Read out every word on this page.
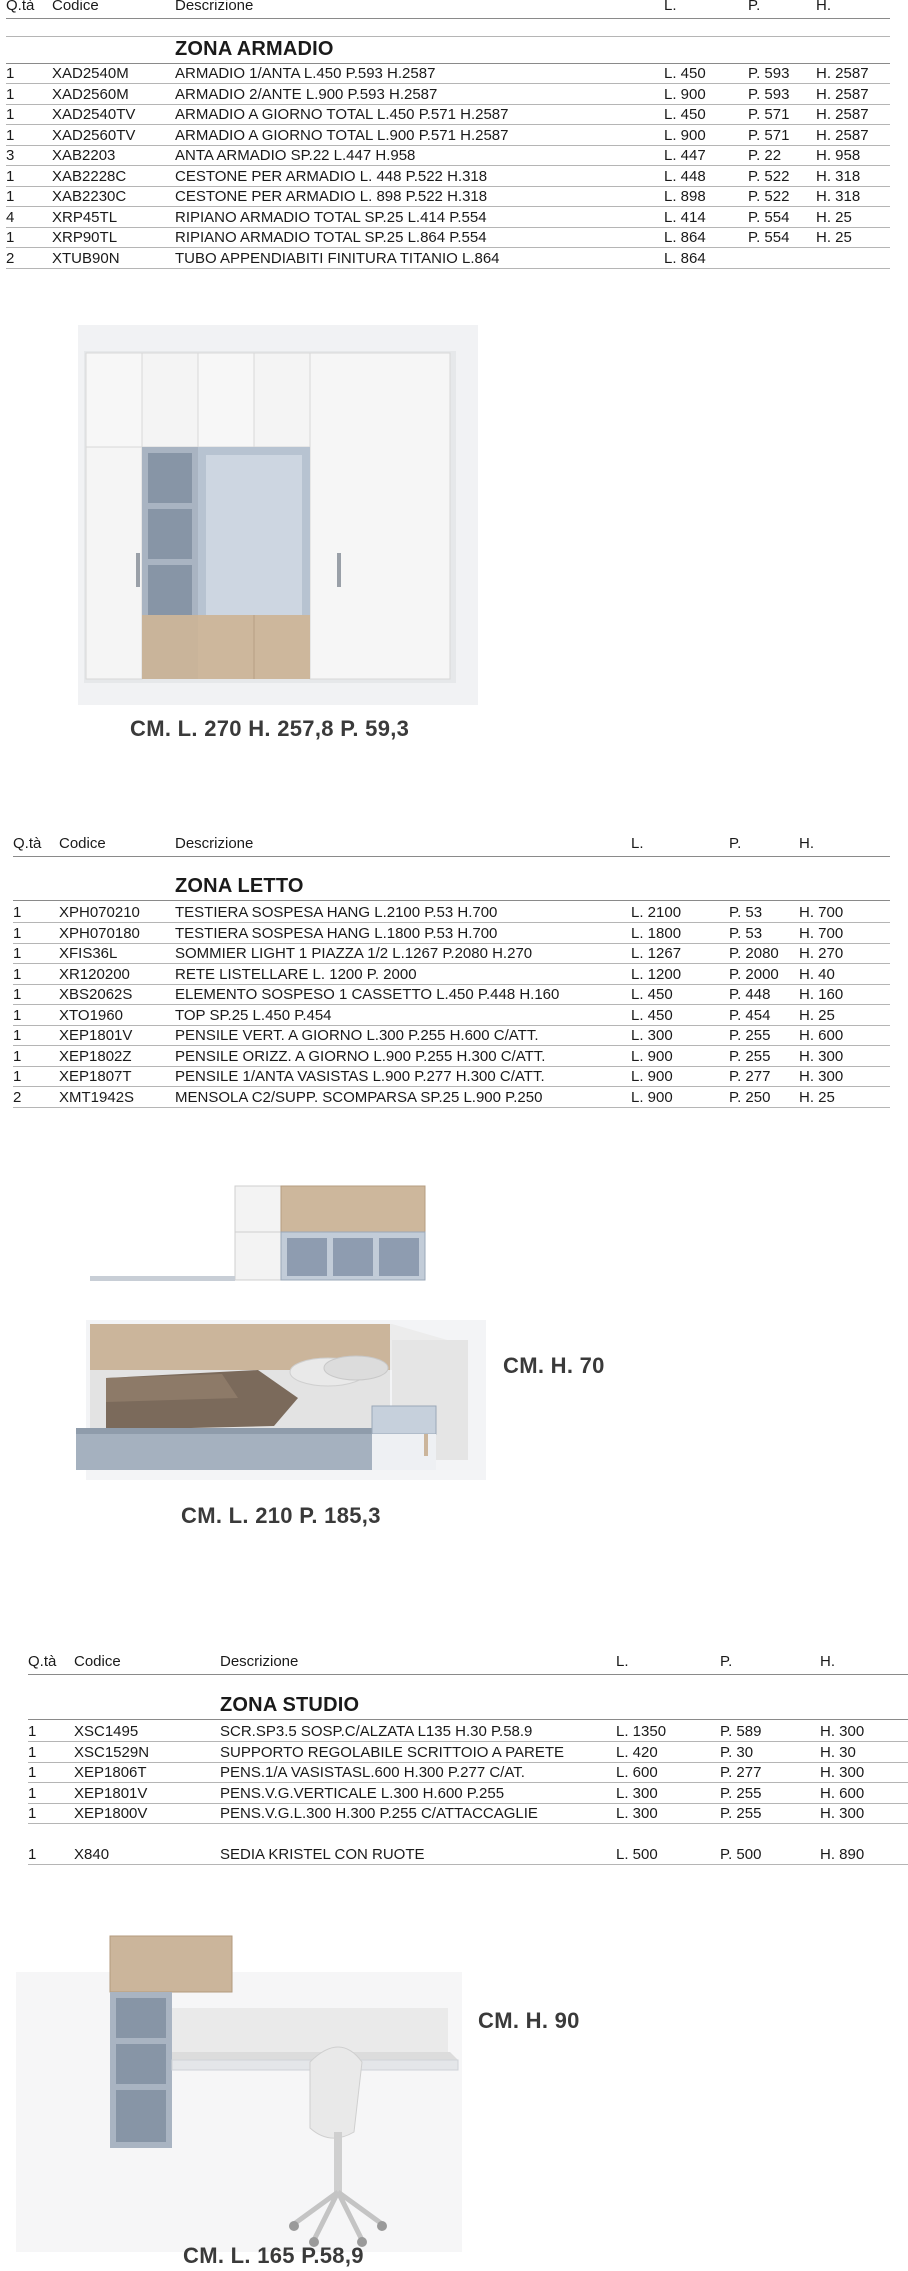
Q.tà Codice	Descrizione	L.	P.	H.
ZONA ARMADIO
1	XAD2540M	ARMADIO 1/ANTA L.450 P.593 H.2587	L. 450	P. 593 H. 2587
1	XAD2560M	ARMADIO 2/ANTE L.900 P.593 H.2587	L. 900	P. 593 H. 2587
1	XAD2540TV	ARMADIO A GIORNO TOTAL L.450 P.571 H.2587	L. 450	P. 571 H. 2587
1	XAD2560TV	ARMADIO A GIORNO TOTAL L.900 P.571 H.2587	L. 900	P. 571 H. 2587
3	XAB2203	ANTA ARMADIO SP.22 L.447 H.958	L. 447	P. 22 H. 958
1	XAB2228C	CESTONE PER ARMADIO L. 448 P.522 H.318	L. 448	P. 522 H. 318
1	XAB2230C	CESTONE PER ARMADIO L. 898 P.522 H.318	L. 898	P. 522 H. 318
4	XRP45TL	RIPIANO ARMADIO TOTAL SP.25 L.414 P.554	L. 414	P. 554 H. 25
1	XRP90TL	RIPIANO ARMADIO TOTAL SP.25 L.864 P.554	L. 864	P. 554 H. 25
2	XTUB90N	TUBO APPENDIABITI FINITURA TITANIO L.864	L. 864
CM. L. 270 H. 257,8 P. 59,3
Q.tà Codice	Descrizione	L.	P.	H.
ZONA LETTO
1	XPH070210 TESTIERA SOSPESA HANG L.2100 P.53 H.700	L. 2100	P. 53 H. 700
1	XPH070180 TESTIERA SOSPESA HANG L.1800 P.53 H.700	L. 1800	P. 53 H. 700
1	XFIS36L	SOMMIER LIGHT 1 PIAZZA 1/2 L.1267 P.2080 H.270	L. 1267	P. 2080 H. 270
1	XR120200	RETE LISTELLARE L. 1200 P. 2000	L. 1200	P. 2000 H. 40
1	XBS2062S	ELEMENTO SOSPESO 1 CASSETTO L.450 P.448 H.160	L. 450	P. 448 H. 160
1	XTO1960	TOP SP.25 L.450 P.454	L. 450	P. 454 H. 25
1	XEP1801V	PENSILE VERT. A GIORNO L.300 P.255 H.600 C/ATT.	L. 300	P. 255 H. 600
1	XEP1802Z	PENSILE ORIZZ. A GIORNO L.900 P.255 H.300 C/ATT.	L. 900	P. 255 H. 300
1	XEP1807T	PENSILE 1/ANTA VASISTAS L.900 P.277 H.300 C/ATT.	L. 900	P. 277 H. 300
2	XMT1942S	MENSOLA C2/SUPP. SCOMPARSA SP.25 L.900 P.250	L. 900	P. 250 H. 25
CM. H. 70
CM. L. 210 P. 185,3
Q.tà Codice	Descrizione	L.	P.	H.
ZONA STUDIO
1	XSC1495	SCR.SP3.5 SOSP.C/ALZATA L135 H.30 P.58.9	L. 1350	P. 589	H. 300
1	XSC1529N	SUPPORTO REGOLABILE SCRITTOIO A PARETE	L. 420	P. 30	H. 30
1	XEP1806T	PENS.1/A VASISTASL.600 H.300 P.277 C/AT.	L. 600	P. 277	H. 300
1	XEP1801V	PENS.V.G.VERTICALE L.300 H.600 P.255	L. 300	P. 255	H. 600
1	XEP1800V	PENS.V.G.L.300 H.300 P.255 C/ATTACCAGLIE	L. 300	P. 255	H. 300
1	X840	SEDIA KRISTEL CON RUOTE	L. 500	P. 500	H. 890
CM. H. 90
CM. L. 165 P.58,9
